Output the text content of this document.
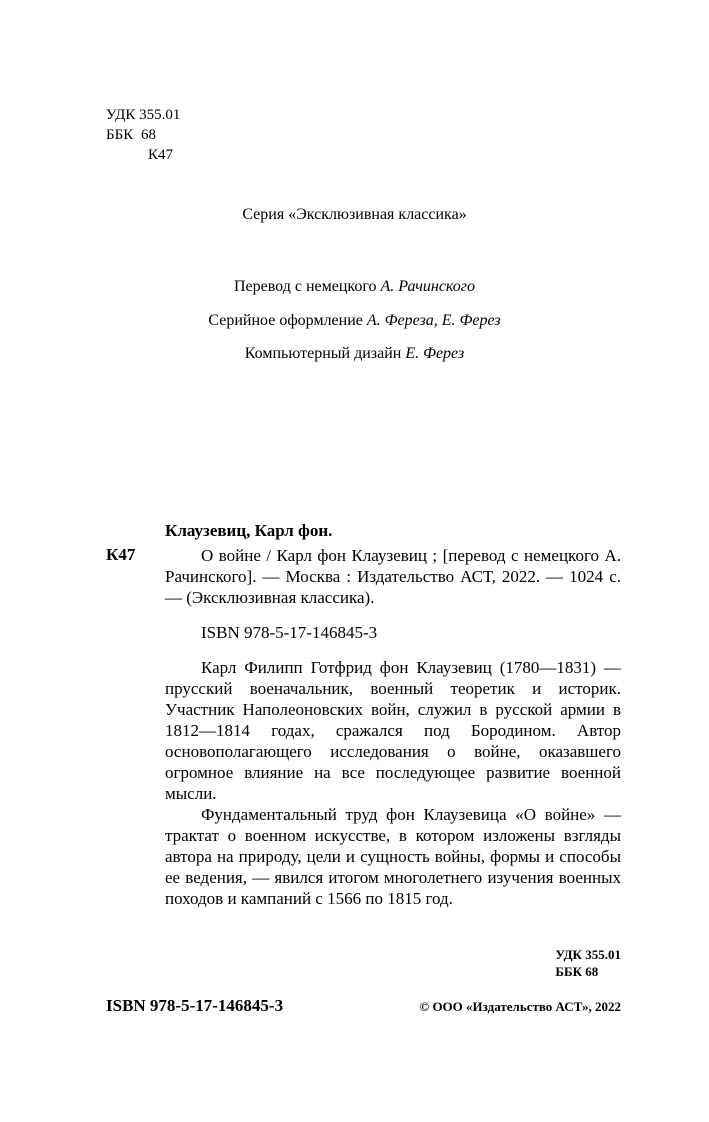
УДК 355.01
ББК 68
К47
Серия «Эксклюзивная классика»
Перевод с немецкого А. Рачинского
Серийное оформление А. Фереза, Е. Ферез
Компьютерный дизайн Е. Ферез
Клаузевиц, Карл фон.
К47	О войне / Карл фон Клаузевиц ; [перевод с немецкого А. Рачинского]. — Москва : Издательство АСТ, 2022. — 1024 с. — (Эксклюзивная классика).

ISBN 978-5-17-146845-3

Карл Филипп Готфрид фон Клаузевиц (1780—1831) — прусский военачальник, военный теоретик и историк. Участник Наполеоновских войн, служил в русской армии в 1812—1814 годах, сражался под Бородином. Автор основополагающего исследования о войне, оказавшего огромное влияние на все последующее развитие военной мысли.

Фундаментальный труд фон Клаузевица «О войне» — трактат о военном искусстве, в котором изложены взгляды автора на природу, цели и сущность войны, формы и способы ее ведения, — явился итогом многолетнего изучения военных походов и кампаний с 1566 по 1815 год.

УДК 355.01
ББК 68
ISBN 978-5-17-146845-3	© ООО «Издательство АСТ», 2022
